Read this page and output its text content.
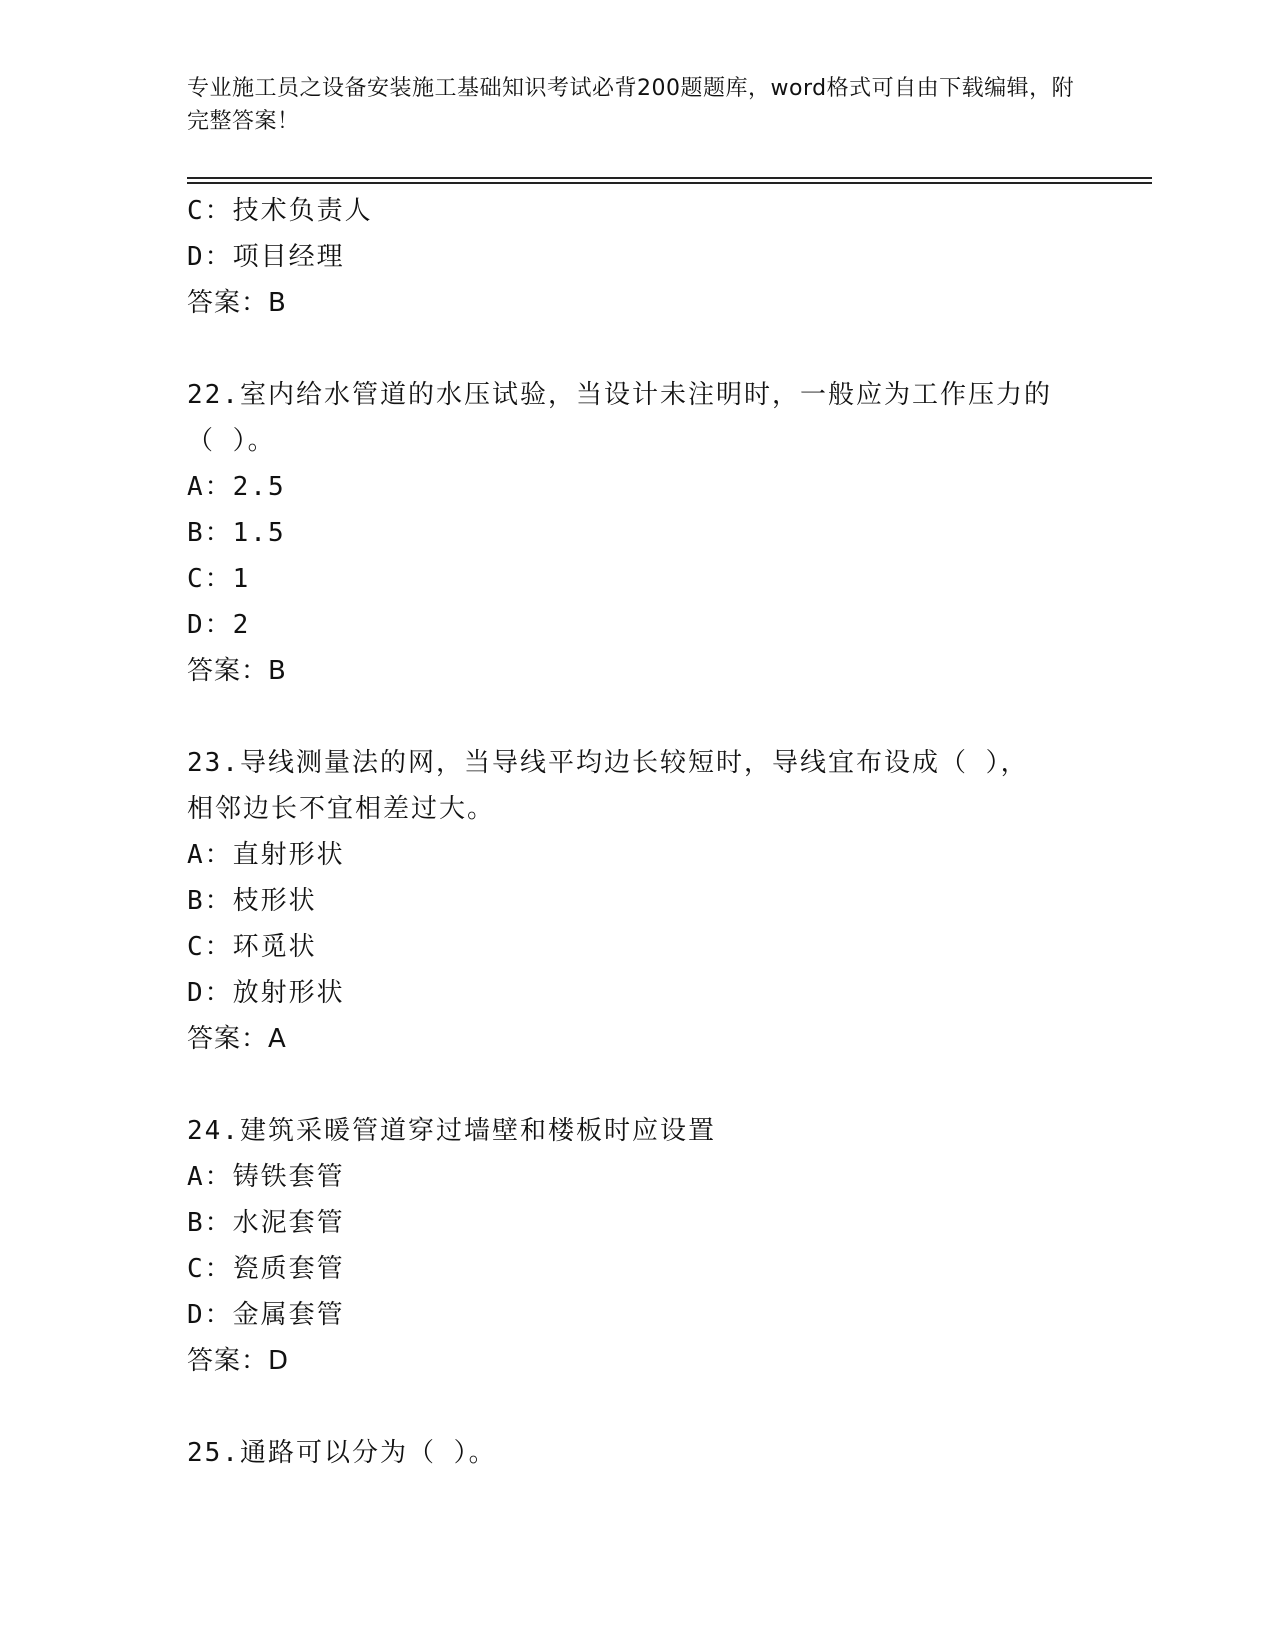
专业施工员之设备安装施工基础知识考试必背200题题库，word格式可自由下载编辑，附完整答案！
C：技术负责人
D：项目经理
答案：B
22.室内给水管道的水压试验，当设计未注明时，一般应为工作压力的
（ ）。
A：2.5
B：1.5
C：1
D：2
答案：B
23.导线测量法的网，当导线平均边长较短时，导线宜布设成（ ），
相邻边长不宜相差过大。
A：直射形状
B：枝形状
C：环觅状
D：放射形状
答案：A
24.建筑采暖管道穿过墙壁和楼板时应设置
A：铸铁套管
B：水泥套管
C：瓷质套管
D：金属套管
答案：D
25.通路可以分为（ ）。
